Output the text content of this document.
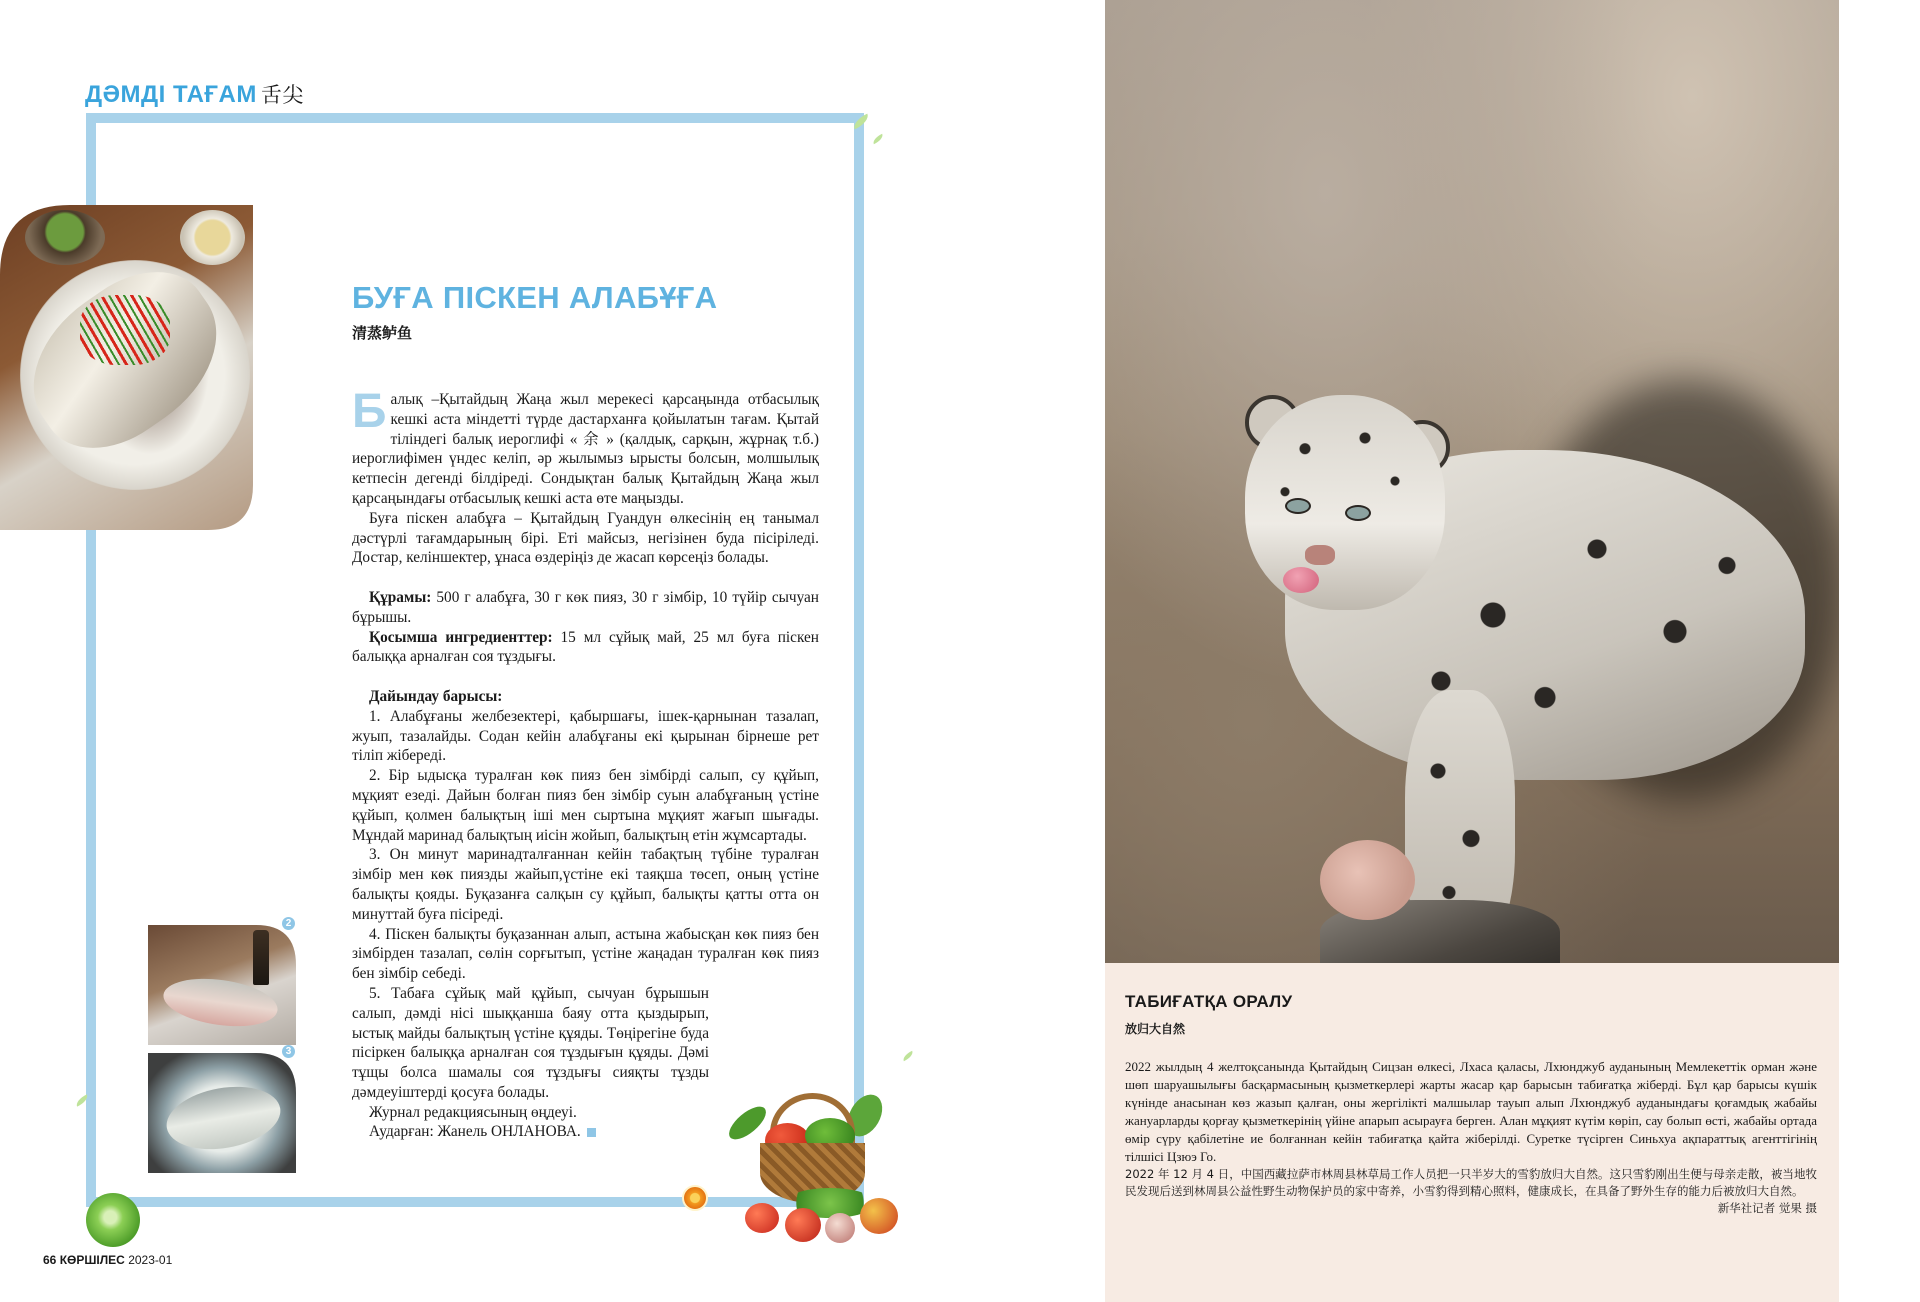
ДӘМДІ ТАҒАМ 舌尖
БУҒА ПІСКЕН АЛАБҰҒА
清蒸鲈鱼

Балық –Қытайдың Жаңа жыл мерекесі қарсаңында отбасылық кешкі аста міндетті түрде дастарханға қойылатын тағам. Қытай тіліндегі балық иероглифі « 余 » (қалдық, сарқын, жұрнақ т.б.) иероглифімен үндес келіп, әр жылымыз ырысты болсын, молшылық кетпесін дегенді білдіреді. Сондықтан балық Қытайдың Жаңа жыл қарсаңындағы отбасылық кешкі аста өте маңызды.

Буға піскен алабұға – Қытайдың Гуандун өлкесінің ең танымал дәстүрлі тағамдарының бірі. Еті майсыз, негізінен буда пісіріледі. Достар, келіншектер, ұнаса өздеріңіз де жасап көрсеңіз болады.

Құрамы: 500 г алабұға, 30 г көк пияз, 30 г зімбір, 10 түйір сычуан бұрышы.

Қосымша ингредиенттер: 15 мл сұйық май, 25 мл буға піскен балыққа арналған соя тұздығы.

Дайындау барысы:

1. Алабұғаны желбезектері, қабыршағы, ішек-қарнынан тазалап, жуып, тазалайды. Содан кейін алабұғаны екі қырынан бірнеше рет тіліп жібереді.

2. Бір ыдысқа туралған көк пияз бен зімбірді салып, су құйып, мұқият езеді. Дайын болған пияз бен зімбір суын алабұғаның үстіне құйып, қолмен балықтың іші мен сыртына мұқият жағып шығады. Мұндай маринад балықтың иісін жойып, балықтың етін жұмсартады.

3. Он минут маринадталғаннан кейін табақтың түбіне туралған зімбір мен көк пиязды жайып,үстіне екі таяқша төсеп, оның үстіне балықты қояды. Буқазанға салқын су құйып, балықты қатты отта он минуттай буға пісіреді.

4. Піскен балықты буқазаннан алып, астына жабысқан көк пияз бен зімбірден тазалап, сөлін сорғытып, үстіне жаңадан туралған көк пияз бен зімбір себеді.

5. Табаға сұйық май құйып, сычуан бұрышын салып, дәмді нісі шыққанша баяу отта қыздырып, ыстық майды балықтың үстіне құяды. Төңірегіне буда пісіркен балыққа арналған соя тұздығын құяды. Дәмі тұщы болса шамалы соя тұздығы сияқты тұзды дәмдеуіштерді қосуға болады.

Журнал редакциясының өңдеуі.

Аударған: Жанель ОНЛАНОВА.

2
3
66 КӨРШІЛЕС 2023-01
ТАБИҒАТҚА ОРАЛУ
放归大自然
2022 жылдың 4 желтоқсанында Қытайдың Сицзан өлкесі, Лхаса қаласы, Лхюнджуб ауданының Мемлекеттік орман және шөп шаруашылығы басқармасының қызметкерлері жарты жасар қар барысын табиғатқа жіберді. Бұл қар барысы күшік күнінде анасынан көз жазып қалған, оны жергілікті малшылар тауып алып Лхюнджуб ауданындағы қоғамдық жабайы жануарларды қорғау қызметкерінің үйіне апарып асырауға берген. Алан мұқият күтім көріп, сау болып өсті, жабайы ортада өмір сүру қабілетіне ие болғаннан кейін табиғатқа қайта жіберілді. Суретке түсірген Синьхуа ақпараттық агенттігінің тілшісі Цзюэ Го.
2022 年 12 月 4 日，中国西藏拉萨市林周县林草局工作人员把一只半岁大的雪豹放归大自然。这只雪豹刚出生便与母亲走散，被当地牧民发现后送到林周县公益性野生动物保护员的家中寄养，小雪豹得到精心照料，健康成长，在具备了野外生存的能力后被放归大自然。
新华社记者 觉果 摄
